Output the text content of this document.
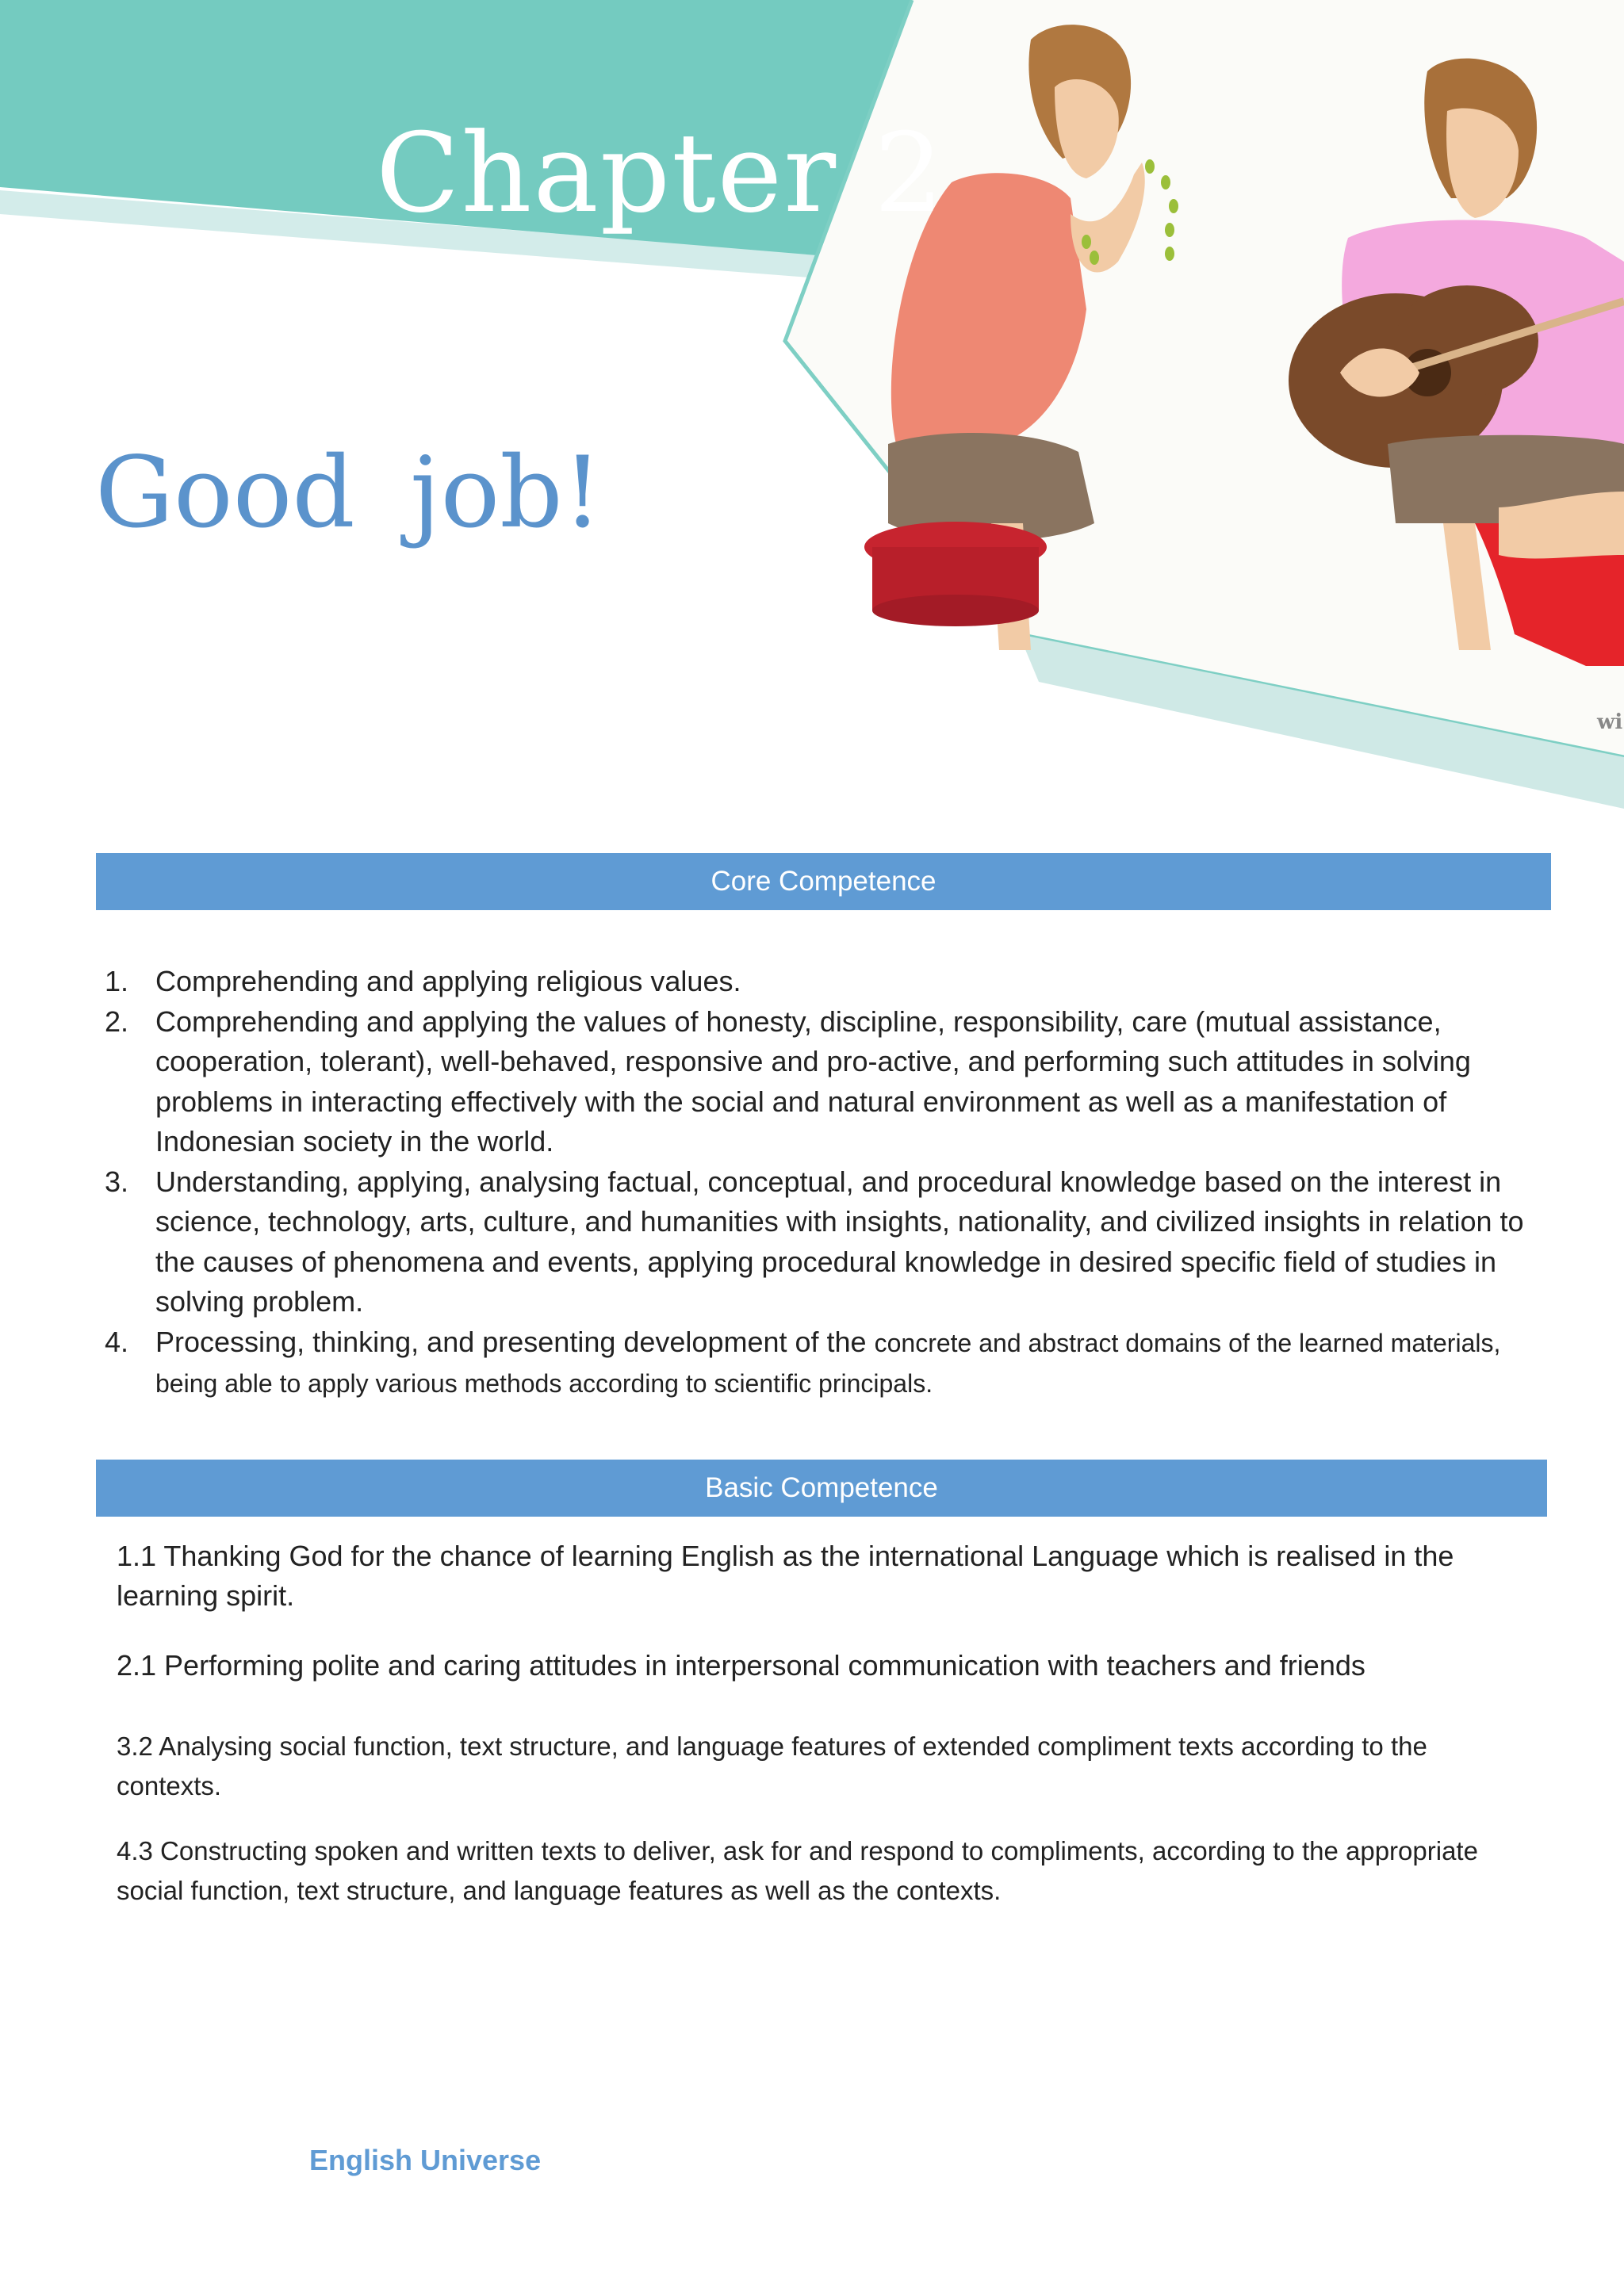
Chapter 2
Good job!
wi
Core Competence
1. Comprehending and applying religious values.
2. Comprehending and applying the values of honesty, discipline, responsibility, care (mutual assistance, cooperation, tolerant), well-behaved, responsive and pro-active, and performing such attitudes in solving problems in interacting effectively with the social and natural environment as well as a manifestation of Indonesian society in the world.
3. Understanding, applying, analysing factual, conceptual, and procedural knowledge based on the interest in science, technology, arts, culture, and humanities with insights, nationality, and civilized insights in relation to the causes of phenomena and events, applying procedural knowledge in desired specific field of studies in solving problem.
4. Processing, thinking, and presenting development of the concrete and abstract domains of the learned materials, being able to apply various methods according to scientific principals.
Basic Competence

1.1 Thanking God for the chance of learning English as the international Language which is realised in the learning spirit.

2.1 Performing polite and caring attitudes in interpersonal communication with teachers and friends

3.2 Analysing social function, text structure, and language features of extended compliment texts according to the contexts.

4.3 Constructing spoken and written texts to deliver, ask for and respond to compliments, according to the appropriate social function, text structure, and language features as well as the contexts.

English Universe
